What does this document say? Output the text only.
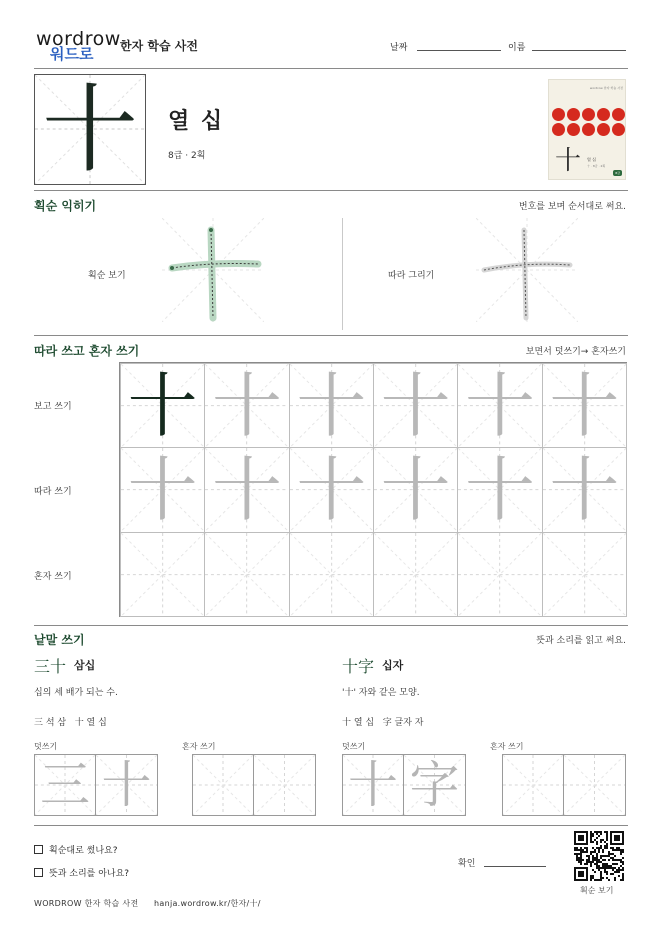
wordrow
워드로	한자 학습 사전	날짜	이름
十	열 십
8급 · 2획
wordrow 한자 학습 사전
十 열 십
十 · 8급 · 2획
8급
획순 익히기	번호를 보며 순서대로 써요.
획순 보기	따라 그리기
따라 쓰고 혼자 쓰기	보면서 덧쓰기→ 혼자쓰기
보고 쓰기
따라 쓰기
혼자 쓰기
十 十 十 十 十 十
十 十 十 十 十 十
낱말 쓰기	뜻과 소리를 읽고 써요.
三十 삼십
십의 세 배가 되는 수.
三 석 삼   十 열 십
덧쓰기	혼자 쓰기
三 十
十字 십자
'十' 자와 같은 모양.
十 열 십   字 글자 자
덧쓰기	혼자 쓰기
十 字
획순대로 썼나요?
뜻과 소리를 아나요?
확인
획순 보기
WORDROW 한자 학습 사전 hanja.wordrow.kr/한자/十/
